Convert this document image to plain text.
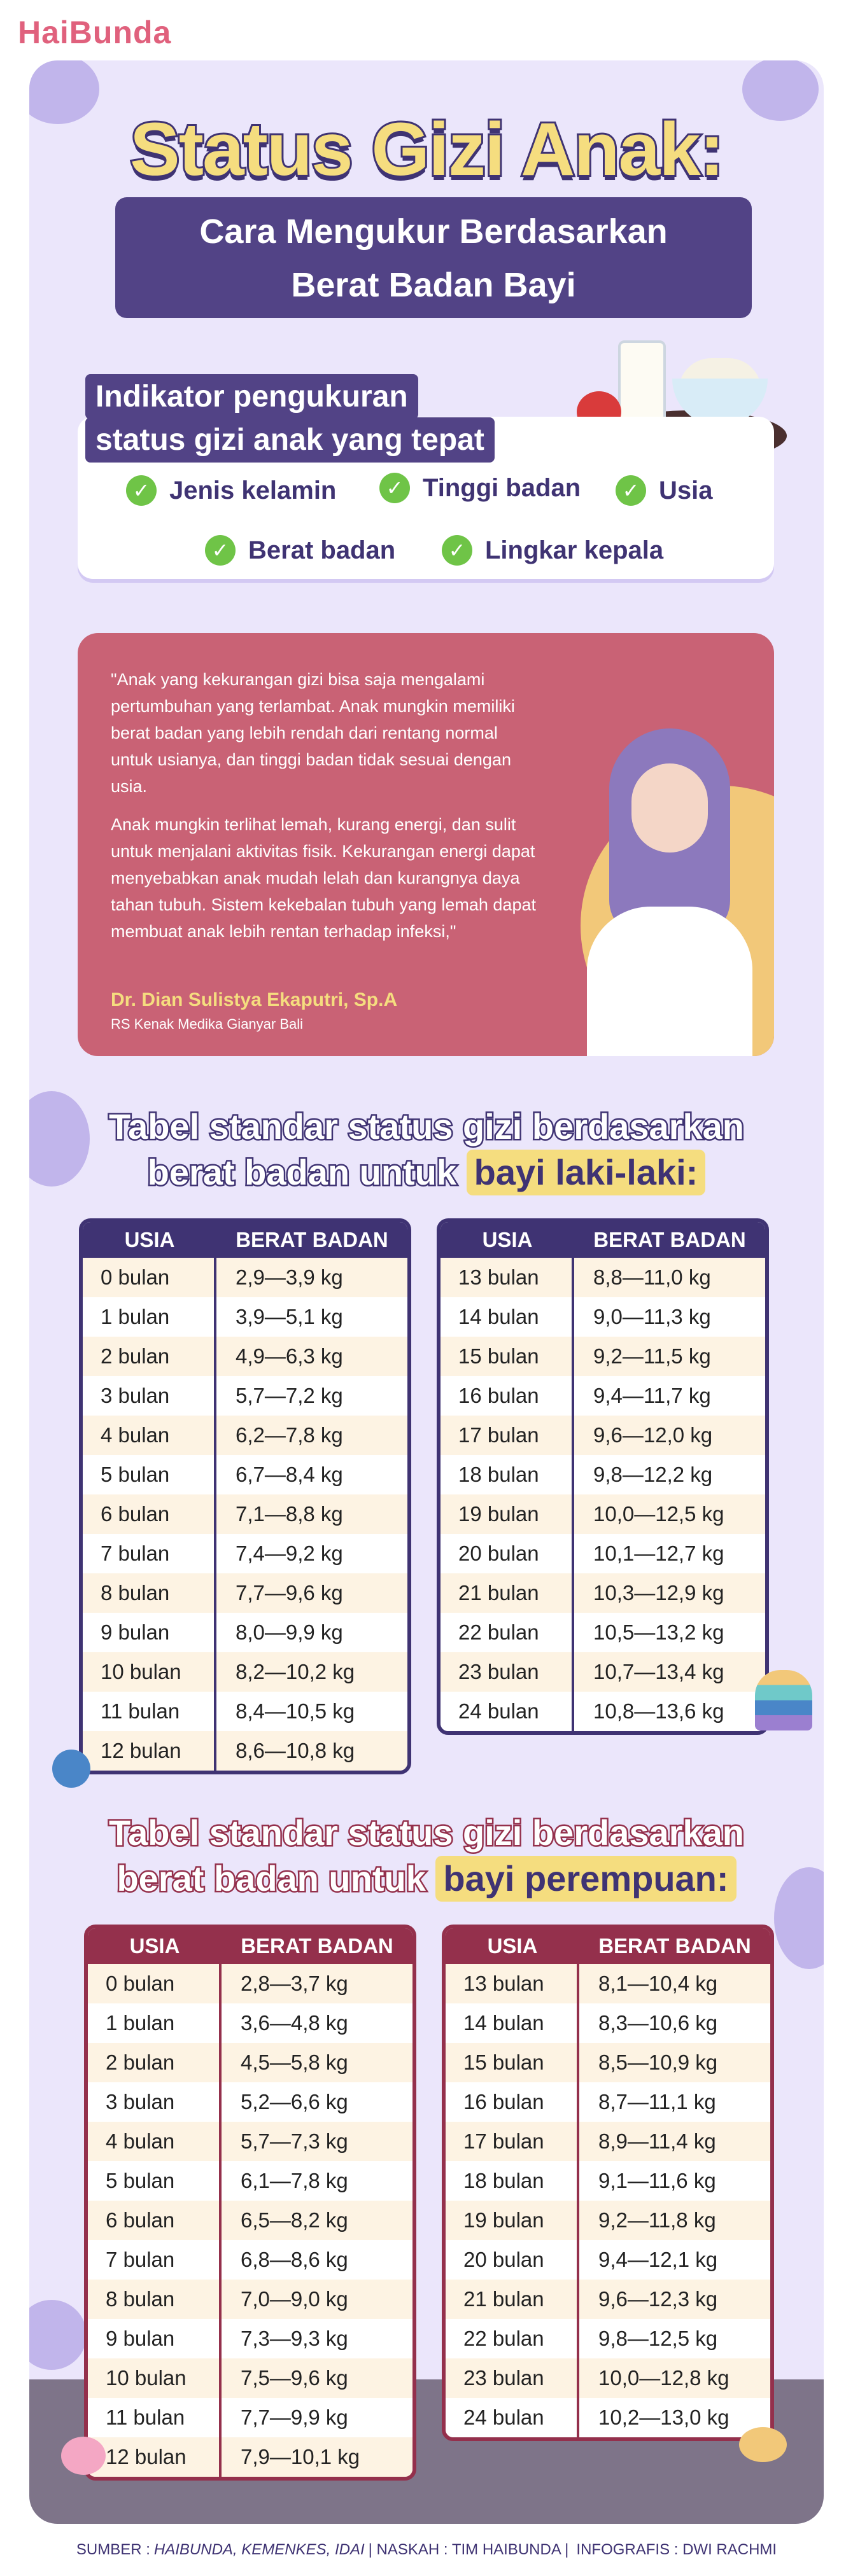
HaiBunda
Status Gizi Anak:
Cara Mengukur Berdasarkan
Berat Badan Bayi
✓ Jenis kelamin	✓ Tinggi badan	✓ Usia
✓ Berat badan	✓ Lingkar kepala
Indikator pengukuran
status gizi anak yang tepat

"Anak yang kekurangan gizi bisa saja mengalami pertumbuhan yang terlambat. Anak mungkin memiliki berat badan yang lebih rendah dari rentang normal untuk usianya, dan tinggi badan tidak sesuai dengan usia.

Anak mungkin terlihat lemah, kurang energi, dan sulit untuk menjalani aktivitas fisik. Kekurangan energi dapat menyebabkan anak mudah lelah dan kurangnya daya tahan tubuh. Sistem kekebalan tubuh yang lemah dapat membuat anak lebih rentan terhadap infeksi,"

Dr. Dian Sulistya Ekaputri, Sp.A
RS Kenak Medika Gianyar Bali
Tabel standar status gizi berdasarkan
berat badan untuk bayi laki-laki:
USIA	BERAT BADAN
0 bulan	2,9—3,9 kg
1 bulan	3,9—5,1 kg
2 bulan	4,9—6,3 kg
3 bulan	5,7—7,2 kg
4 bulan	6,2—7,8 kg
5 bulan	6,7—8,4 kg
6 bulan	7,1—8,8 kg
7 bulan	7,4—9,2 kg
8 bulan	7,7—9,6 kg
9 bulan	8,0—9,9 kg
10 bulan	8,2—10,2 kg
11 bulan	8,4—10,5 kg
12 bulan	8,6—10,8 kg
USIA	BERAT BADAN
13 bulan	8,8—11,0 kg
14 bulan	9,0—11,3 kg
15 bulan	9,2—11,5 kg
16 bulan	9,4—11,7 kg
17 bulan	9,6—12,0 kg
18 bulan	9,8—12,2 kg
19 bulan	10,0—12,5 kg
20 bulan	10,1—12,7 kg
21 bulan	10,3—12,9 kg
22 bulan	10,5—13,2 kg
23 bulan	10,7—13,4 kg
24 bulan	10,8—13,6 kg
Tabel standar status gizi berdasarkan
berat badan untuk bayi perempuan:
USIA	BERAT BADAN
0 bulan	2,8—3,7 kg
1 bulan	3,6—4,8 kg
2 bulan	4,5—5,8 kg
3 bulan	5,2—6,6 kg
4 bulan	5,7—7,3 kg
5 bulan	6,1—7,8 kg
6 bulan	6,5—8,2 kg
7 bulan	6,8—8,6 kg
8 bulan	7,0—9,0 kg
9 bulan	7,3—9,3 kg
10 bulan	7,5—9,6 kg
11 bulan	7,7—9,9 kg
12 bulan	7,9—10,1 kg
USIA	BERAT BADAN
13 bulan	8,1—10,4 kg
14 bulan	8,3—10,6 kg
15 bulan	8,5—10,9 kg
16 bulan	8,7—11,1 kg
17 bulan	8,9—11,4 kg
18 bulan	9,1—11,6 kg
19 bulan	9,2—11,8 kg
20 bulan	9,4—12,1 kg
21 bulan	9,6—12,3 kg
22 bulan	9,8—12,5 kg
23 bulan	10,0—12,8 kg
24 bulan	10,2—13,0 kg
SUMBER : HAIBUNDA, KEMENKES, IDAI | NASKAH : TIM HAIBUNDA | INFOGRAFIS : DWI RACHMI
